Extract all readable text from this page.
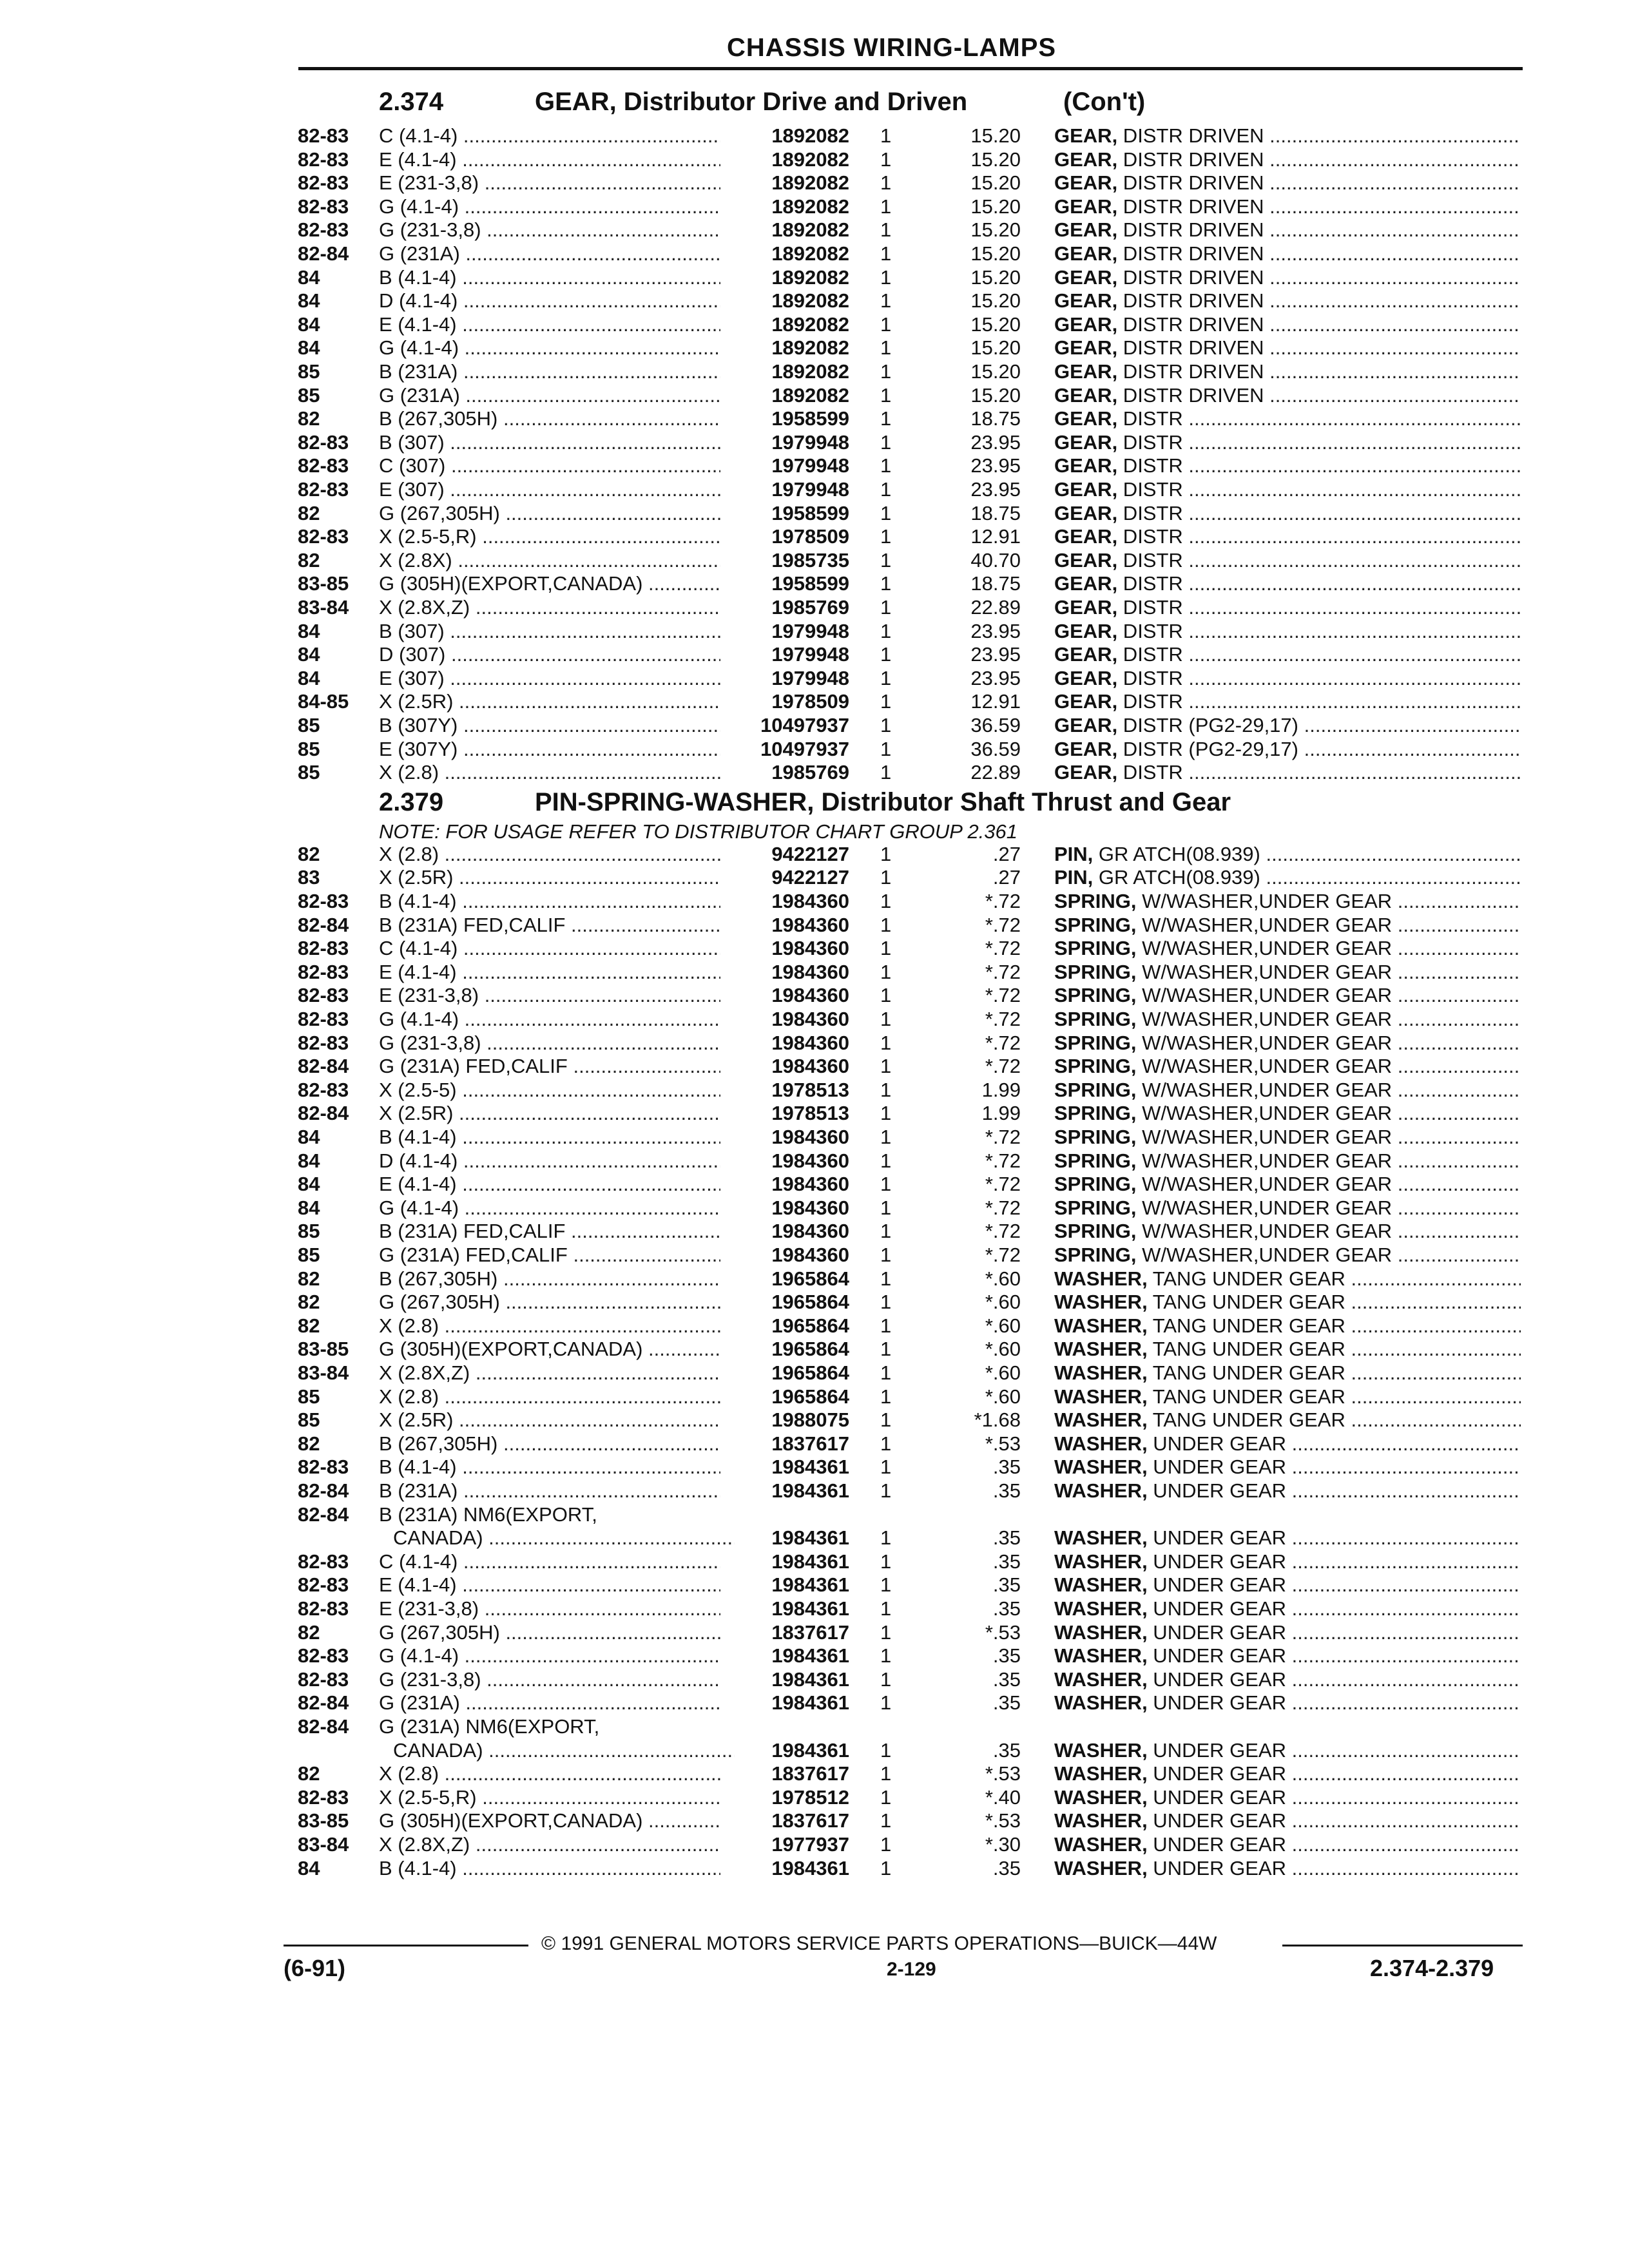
CHASSIS WIRING-LAMPS
2.374	GEAR, Distributor Drive and Driven	(Con't)
82-83 C (4.1-4) .....	1892082 1	15.20 GEAR, DISTR DRIVEN .....
82-83 E (4.1-4) .....	1892082 1	15.20 GEAR, DISTR DRIVEN .....
82-83 E (231-3,8) .....	1892082 1	15.20 GEAR, DISTR DRIVEN .....
82-83 G (4.1-4) .....	1892082 1	15.20 GEAR, DISTR DRIVEN .....
82-83 G (231-3,8) .....	1892082 1	15.20 GEAR, DISTR DRIVEN .....
82-84 G (231A) .....	1892082 1	15.20 GEAR, DISTR DRIVEN .....
84	B (4.1-4) .....	1892082 1	15.20 GEAR, DISTR DRIVEN .....
84	D (4.1-4) .....	1892082 1	15.20 GEAR, DISTR DRIVEN .....
84	E (4.1-4) .....	1892082 1	15.20 GEAR, DISTR DRIVEN .....
84	G (4.1-4) .....	1892082 1	15.20 GEAR, DISTR DRIVEN .....
85	B (231A) .....	1892082 1	15.20 GEAR, DISTR DRIVEN .....
85	G (231A) .....	1892082 1	15.20 GEAR, DISTR DRIVEN .....
82	B (267,305H) .....	1958599 1	18.75 GEAR, DISTR .....
82-83 B (307) .....	1979948 1	23.95 GEAR, DISTR .....
82-83 C (307) .....	1979948 1	23.95 GEAR, DISTR .....
82-83 E (307) .....	1979948 1	23.95 GEAR, DISTR .....
82	G (267,305H) .....	1958599 1	18.75 GEAR, DISTR .....
82-83 X (2.5-5,R) .....	1978509 1	12.91 GEAR, DISTR .....
82	X (2.8X) .....	1985735 1	40.70 GEAR, DISTR .....
83-85 G (305H)(EXPORT,CANADA) .....	1958599 1	18.75 GEAR, DISTR .....
83-84 X (2.8X,Z) .....	1985769 1	22.89 GEAR, DISTR .....
84	B (307) .....	1979948 1	23.95 GEAR, DISTR .....
84	D (307) .....	1979948 1	23.95 GEAR, DISTR .....
84	E (307) .....	1979948 1	23.95 GEAR, DISTR .....
84-85 X (2.5R) .....	1978509 1	12.91 GEAR, DISTR .....
85	B (307Y) .....	10497937 1	36.59 GEAR, DISTR (PG2-29,17) .....
85	E (307Y) .....	10497937 1	36.59 GEAR, DISTR (PG2-29,17) .....
85	X (2.8) .....	1985769 1	22.89 GEAR, DISTR .....
2.379	PIN-SPRING-WASHER, Distributor Shaft Thrust and Gear
NOTE: FOR USAGE REFER TO DISTRIBUTOR CHART GROUP 2.361
82	X (2.8) .....	9422127 1	.27 PIN, GR ATCH(08.939) .....
83	X (2.5R) .....	9422127 1	.27 PIN, GR ATCH(08.939) .....
82-83 B (4.1-4) .....	1984360 1	*.72 SPRING, W/WASHER,UNDER GEAR .....
82-84 B (231A) FED,CALIF .....	1984360 1	*.72 SPRING, W/WASHER,UNDER GEAR .....
82-83 C (4.1-4) .....	1984360 1	*.72 SPRING, W/WASHER,UNDER GEAR .....
82-83 E (4.1-4) .....	1984360 1	*.72 SPRING, W/WASHER,UNDER GEAR .....
82-83 E (231-3,8) .....	1984360 1	*.72 SPRING, W/WASHER,UNDER GEAR .....
82-83 G (4.1-4) .....	1984360 1	*.72 SPRING, W/WASHER,UNDER GEAR .....
82-83 G (231-3,8) .....	1984360 1	*.72 SPRING, W/WASHER,UNDER GEAR .....
82-84 G (231A) FED,CALIF .....	1984360 1	*.72 SPRING, W/WASHER,UNDER GEAR .....
82-83 X (2.5-5) .....	1978513 1	1.99 SPRING, W/WASHER,UNDER GEAR .....
82-84 X (2.5R) .....	1978513 1	1.99 SPRING, W/WASHER,UNDER GEAR .....
84	B (4.1-4) .....	1984360 1	*.72 SPRING, W/WASHER,UNDER GEAR .....
84	D (4.1-4) .....	1984360 1	*.72 SPRING, W/WASHER,UNDER GEAR .....
84	E (4.1-4) .....	1984360 1	*.72 SPRING, W/WASHER,UNDER GEAR .....
84	G (4.1-4) .....	1984360 1	*.72 SPRING, W/WASHER,UNDER GEAR .....
85	B (231A) FED,CALIF .....	1984360 1	*.72 SPRING, W/WASHER,UNDER GEAR .....
85	G (231A) FED,CALIF .....	1984360 1	*.72 SPRING, W/WASHER,UNDER GEAR .....
82	B (267,305H) .....	1965864 1	*.60 WASHER, TANG UNDER GEAR .....
82	G (267,305H) .....	1965864 1	*.60 WASHER, TANG UNDER GEAR .....
82	X (2.8) .....	1965864 1	*.60 WASHER, TANG UNDER GEAR .....
83-85 G (305H)(EXPORT,CANADA) .....	1965864 1	*.60 WASHER, TANG UNDER GEAR .....
83-84 X (2.8X,Z) .....	1965864 1	*.60 WASHER, TANG UNDER GEAR .....
85	X (2.8) .....	1965864 1	*.60 WASHER, TANG UNDER GEAR .....
85	X (2.5R) .....	1988075 1	*1.68 WASHER, TANG UNDER GEAR .....
82	B (267,305H) .....	1837617 1	*.53 WASHER, UNDER GEAR .....
82-83 B (4.1-4) .....	1984361 1	.35 WASHER, UNDER GEAR .....
82-84 B (231A) .....	1984361 1	.35 WASHER, UNDER GEAR .....
82-84 B (231A) NM6(EXPORT,
CANADA) .....	1984361 1	.35 WASHER, UNDER GEAR .....
82-83 C (4.1-4) .....	1984361 1	.35 WASHER, UNDER GEAR .....
82-83 E (4.1-4) .....	1984361 1	.35 WASHER, UNDER GEAR .....
82-83 E (231-3,8) .....	1984361 1	.35 WASHER, UNDER GEAR .....
82	G (267,305H) .....	1837617 1	*.53 WASHER, UNDER GEAR .....
82-83 G (4.1-4) .....	1984361 1	.35 WASHER, UNDER GEAR .....
82-83 G (231-3,8) .....	1984361 1	.35 WASHER, UNDER GEAR .....
82-84 G (231A) .....	1984361 1	.35 WASHER, UNDER GEAR .....
82-84 G (231A) NM6(EXPORT,
CANADA) .....	1984361 1	.35 WASHER, UNDER GEAR .....
82	X (2.8) .....	1837617 1	*.53 WASHER, UNDER GEAR .....
82-83 X (2.5-5,R) .....	1978512 1	*.40 WASHER, UNDER GEAR .....
83-85 G (305H)(EXPORT,CANADA) .....	1837617 1	*.53 WASHER, UNDER GEAR .....
83-84 X (2.8X,Z) .....	1977937 1	*.30 WASHER, UNDER GEAR .....
84	B (4.1-4) .....	1984361 1	.35 WASHER, UNDER GEAR .....
© 1991 GENERAL MOTORS SERVICE PARTS OPERATIONS—BUICK—44W
(6-91)	2-129	2.374-2.379
